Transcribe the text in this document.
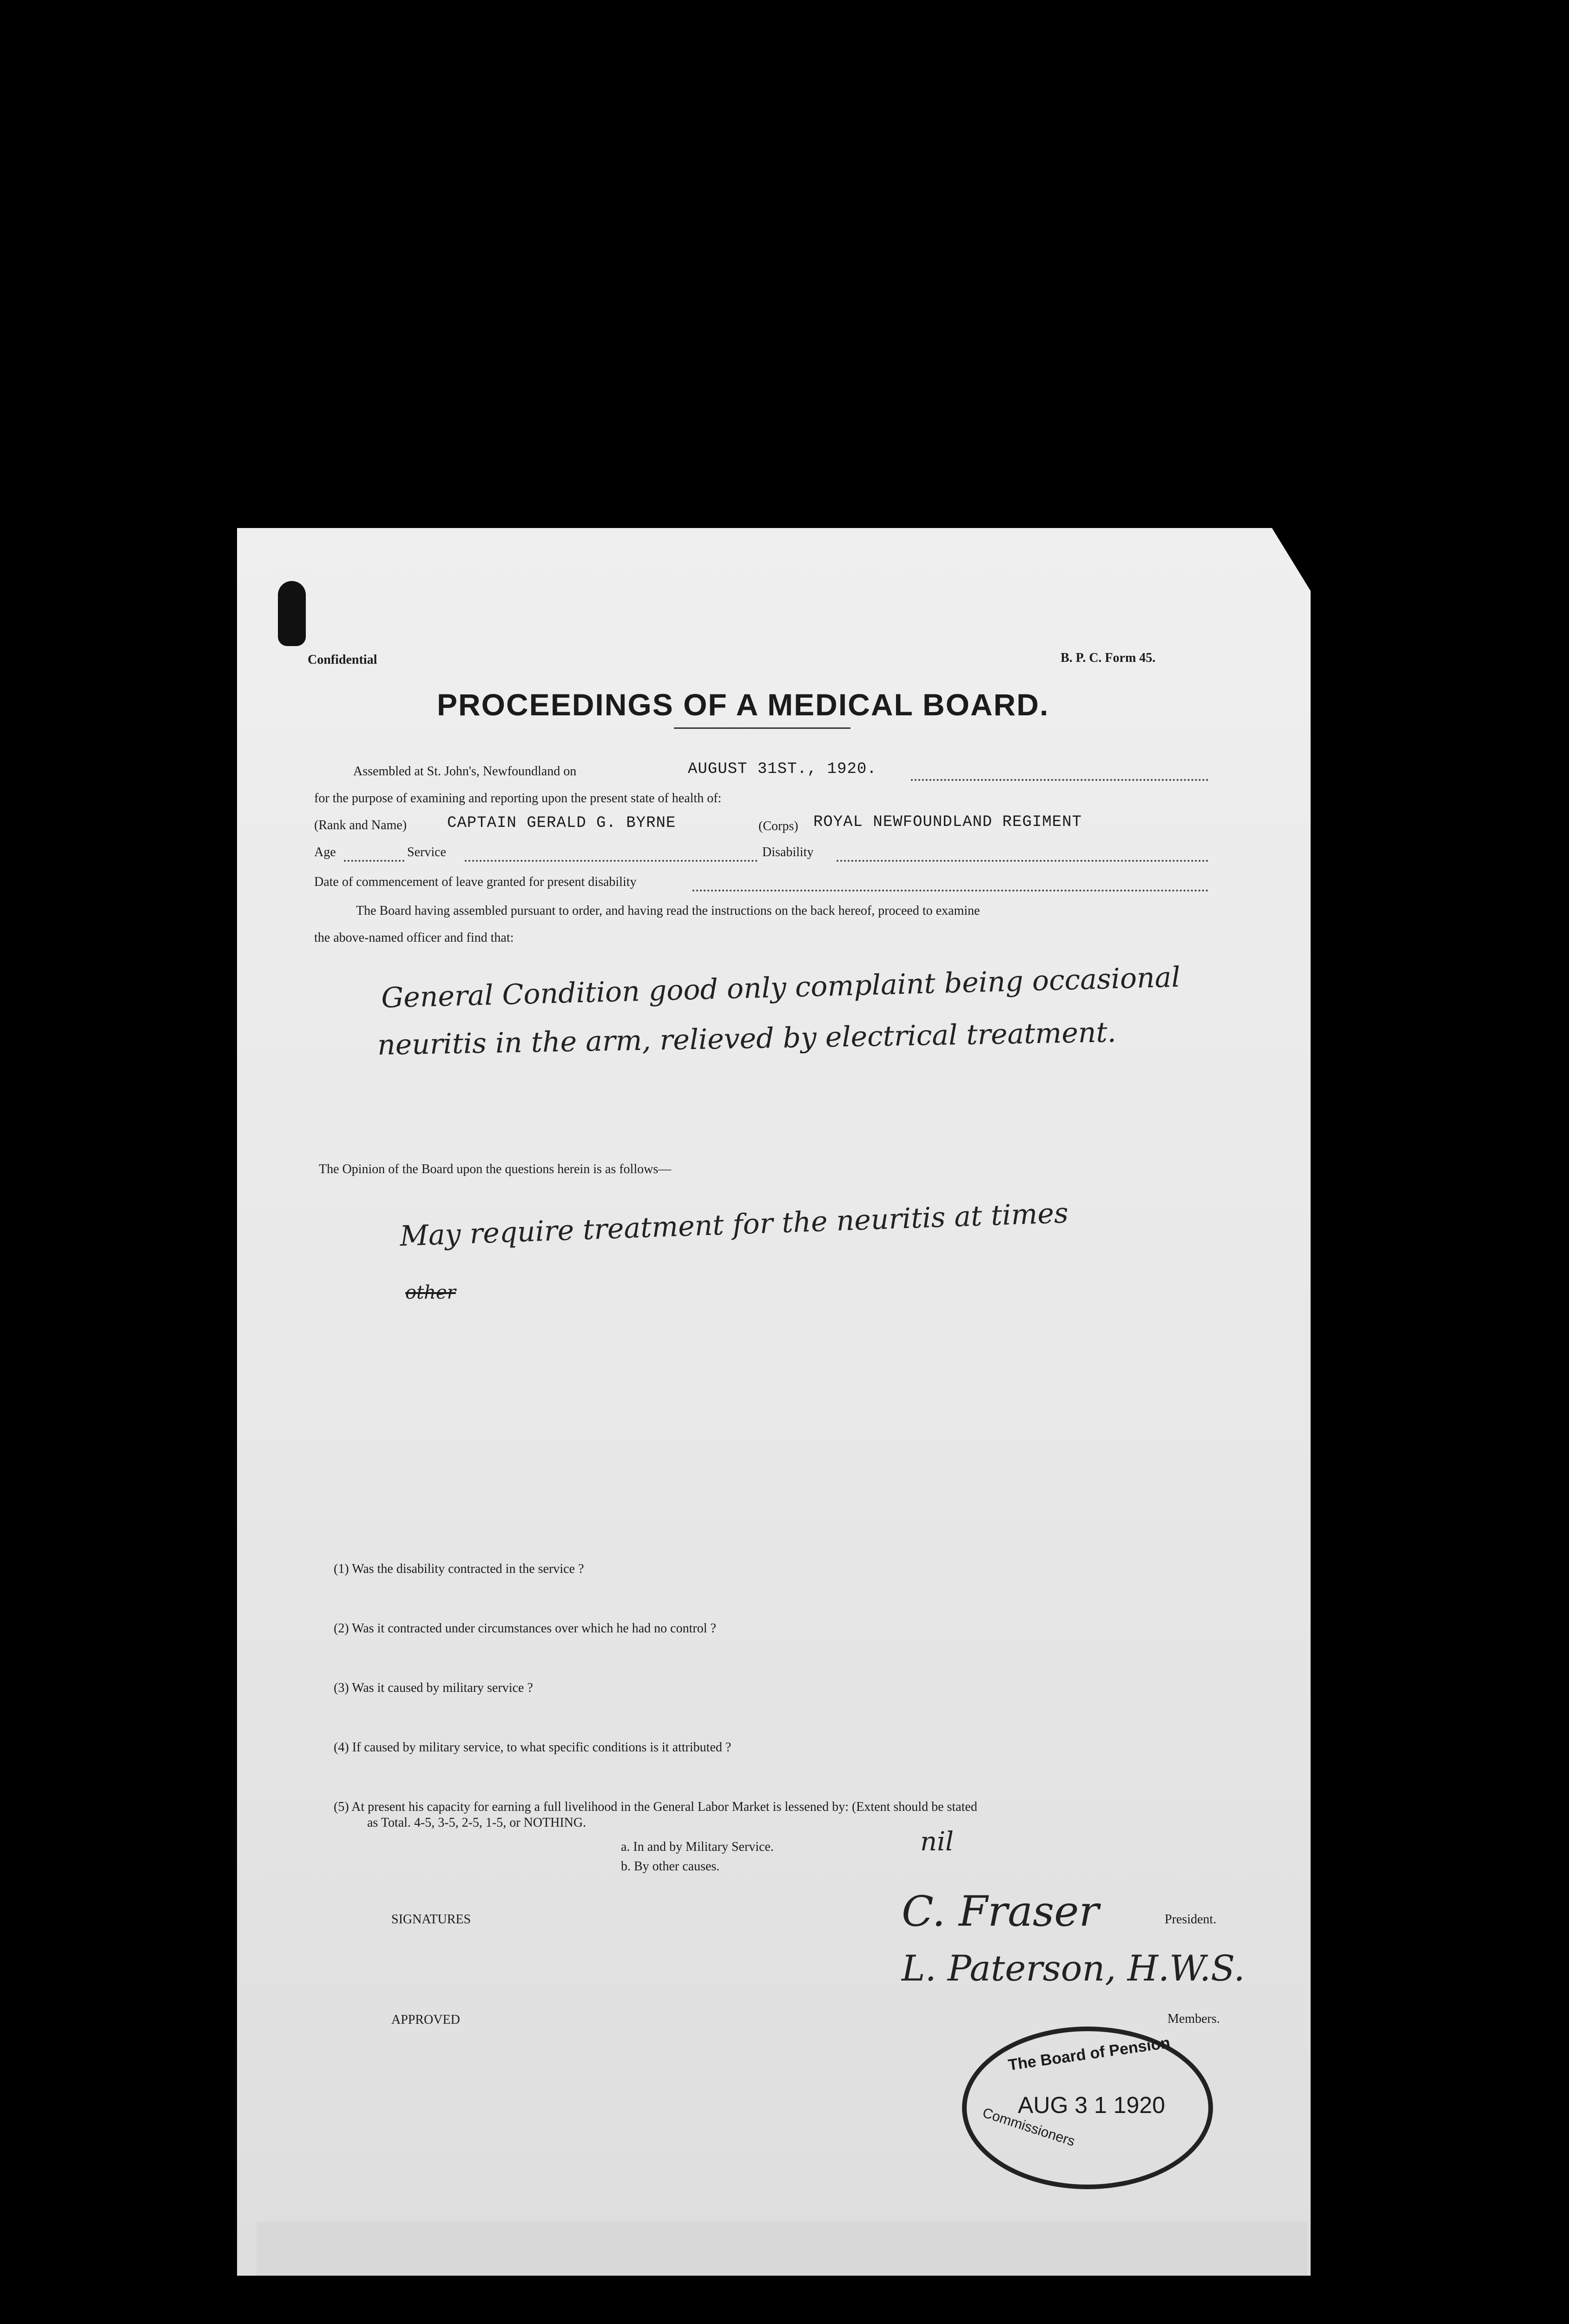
Confidential	B. P. C. Form 45.
PROCEEDINGS OF A MEDICAL BOARD.
Assembled at St. John's, Newfoundland on	AUGUST 31ST., 1920.
for the purpose of examining and reporting upon the present state of health of:
(Rank and Name)	CAPTAIN GERALD G. BYRNE	(Corps) ROYAL NEWFOUNDLAND REGIMENT
Age	Service	Disability
Date of commencement of leave granted for present disability
The Board having assembled pursuant to order, and having read the instructions on the back hereof, proceed to examine
the above-named officer and find that:
General Condition good only complaint being occasional
neuritis in the arm, relieved by electrical treatment.
The Opinion of the Board upon the questions herein is as follows—
May require treatment for the neuritis at times
other
(1) Was the disability contracted in the service ?
(2) Was it contracted under circumstances over which he had no control ?
(3) Was it caused by military service ?
(4) If caused by military service, to what specific conditions is it attributed ?
(5) At present his capacity for earning a full livelihood in the General Labor Market is lessened by: (Extent should be stated
as Total. 4-5, 3-5, 2-5, 1-5, or NOTHING.
a. In and by Military Service.
b. By other causes.
nil
SIGNATURES	C. Fraser	President.
L. Paterson, H.W.S.
Members.
APPROVED
The Board of Pension
AUG 3 1 1920
Commissioners
